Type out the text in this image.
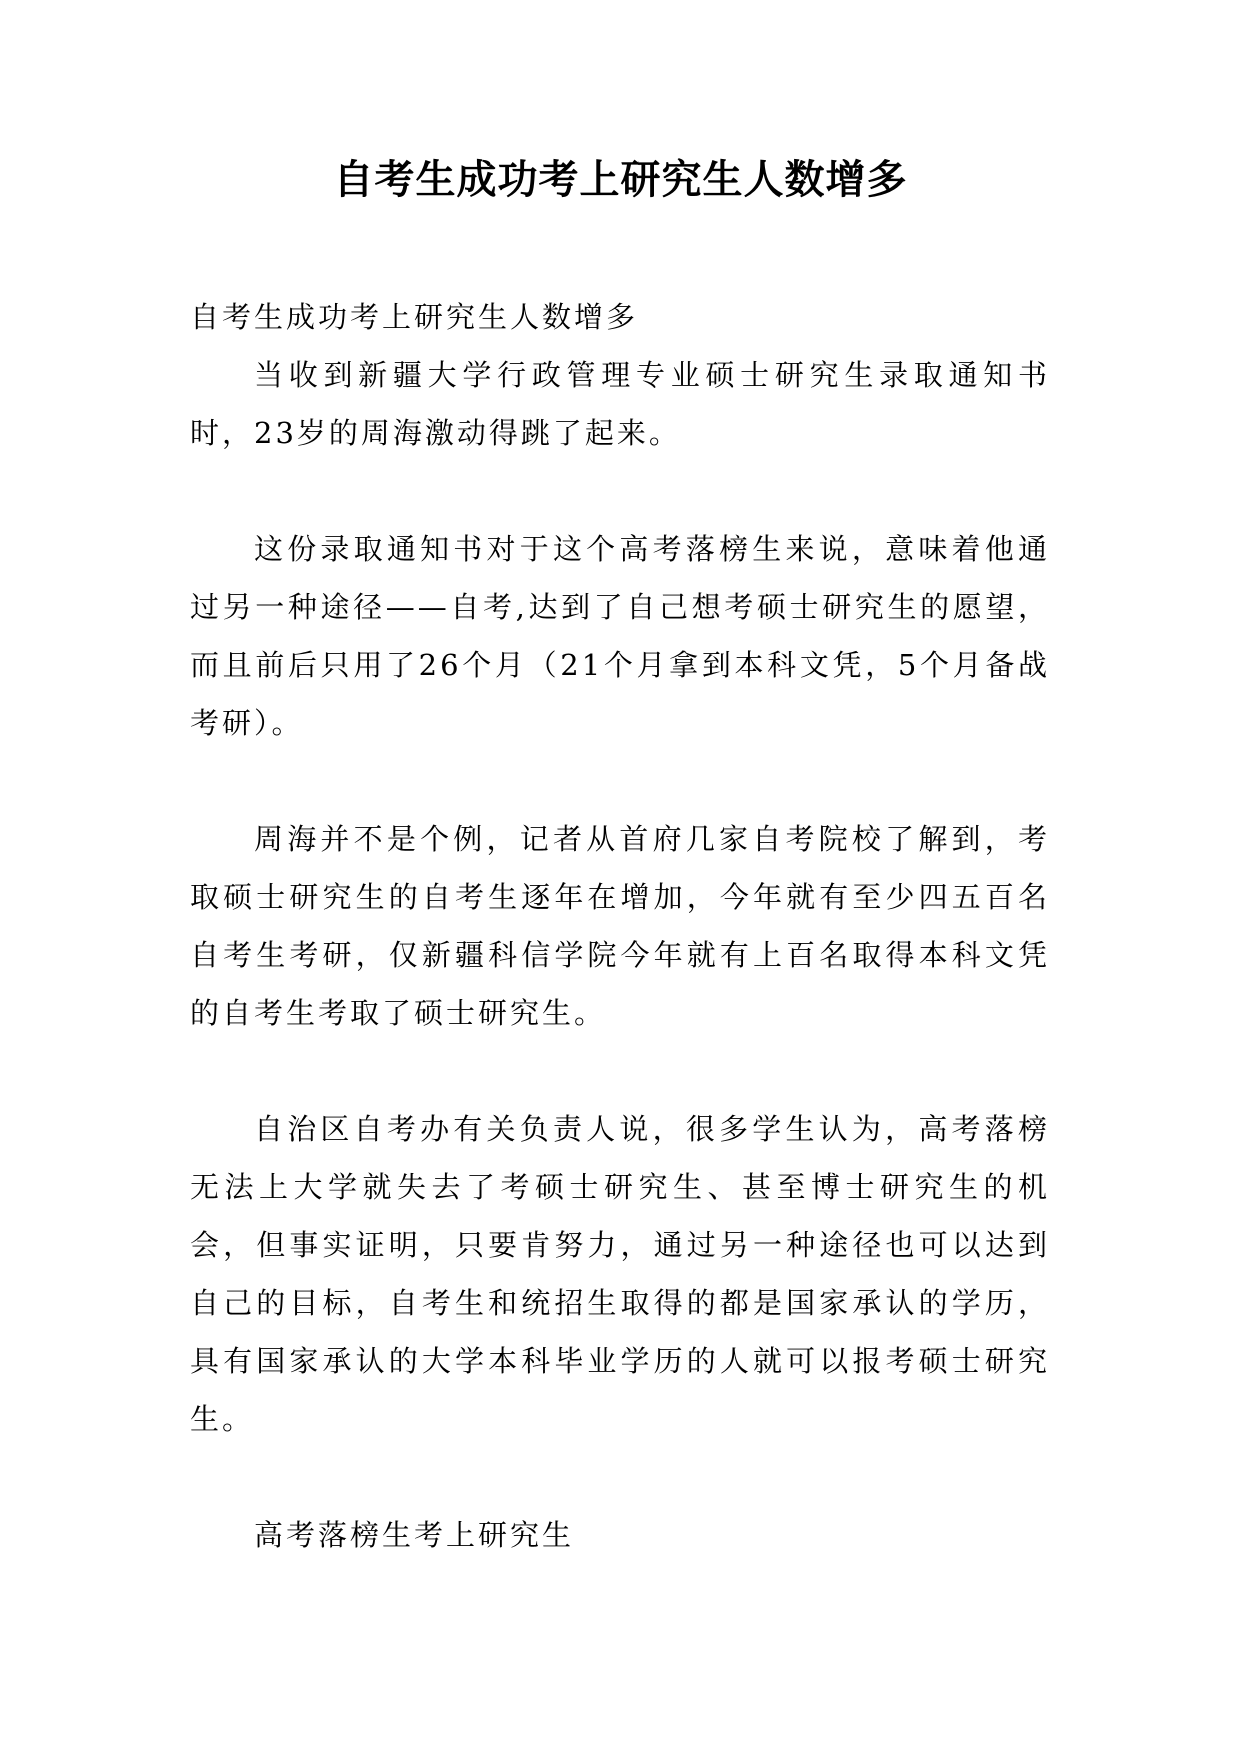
自考生成功考上研究生人数增多

自考生成功考上研究生人数增多

当收到新疆大学行政管理专业硕士研究生录取通知书时，23岁的周海激动得跳了起来。

这份录取通知书对于这个高考落榜生来说，意味着他通过另一种途径——自考,达到了自己想考硕士研究生的愿望，而且前后只用了26个月（21个月拿到本科文凭，5个月备战考研）。

周海并不是个例，记者从首府几家自考院校了解到，考取硕士研究生的自考生逐年在增加，今年就有至少四五百名自考生考研，仅新疆科信学院今年就有上百名取得本科文凭的自考生考取了硕士研究生。

自治区自考办有关负责人说，很多学生认为，高考落榜无法上大学就失去了考硕士研究生、甚至博士研究生的机会，但事实证明，只要肯努力，通过另一种途径也可以达到自己的目标，自考生和统招生取得的都是国家承认的学历，具有国家承认的大学本科毕业学历的人就可以报考硕士研究生。

高考落榜生考上研究生
